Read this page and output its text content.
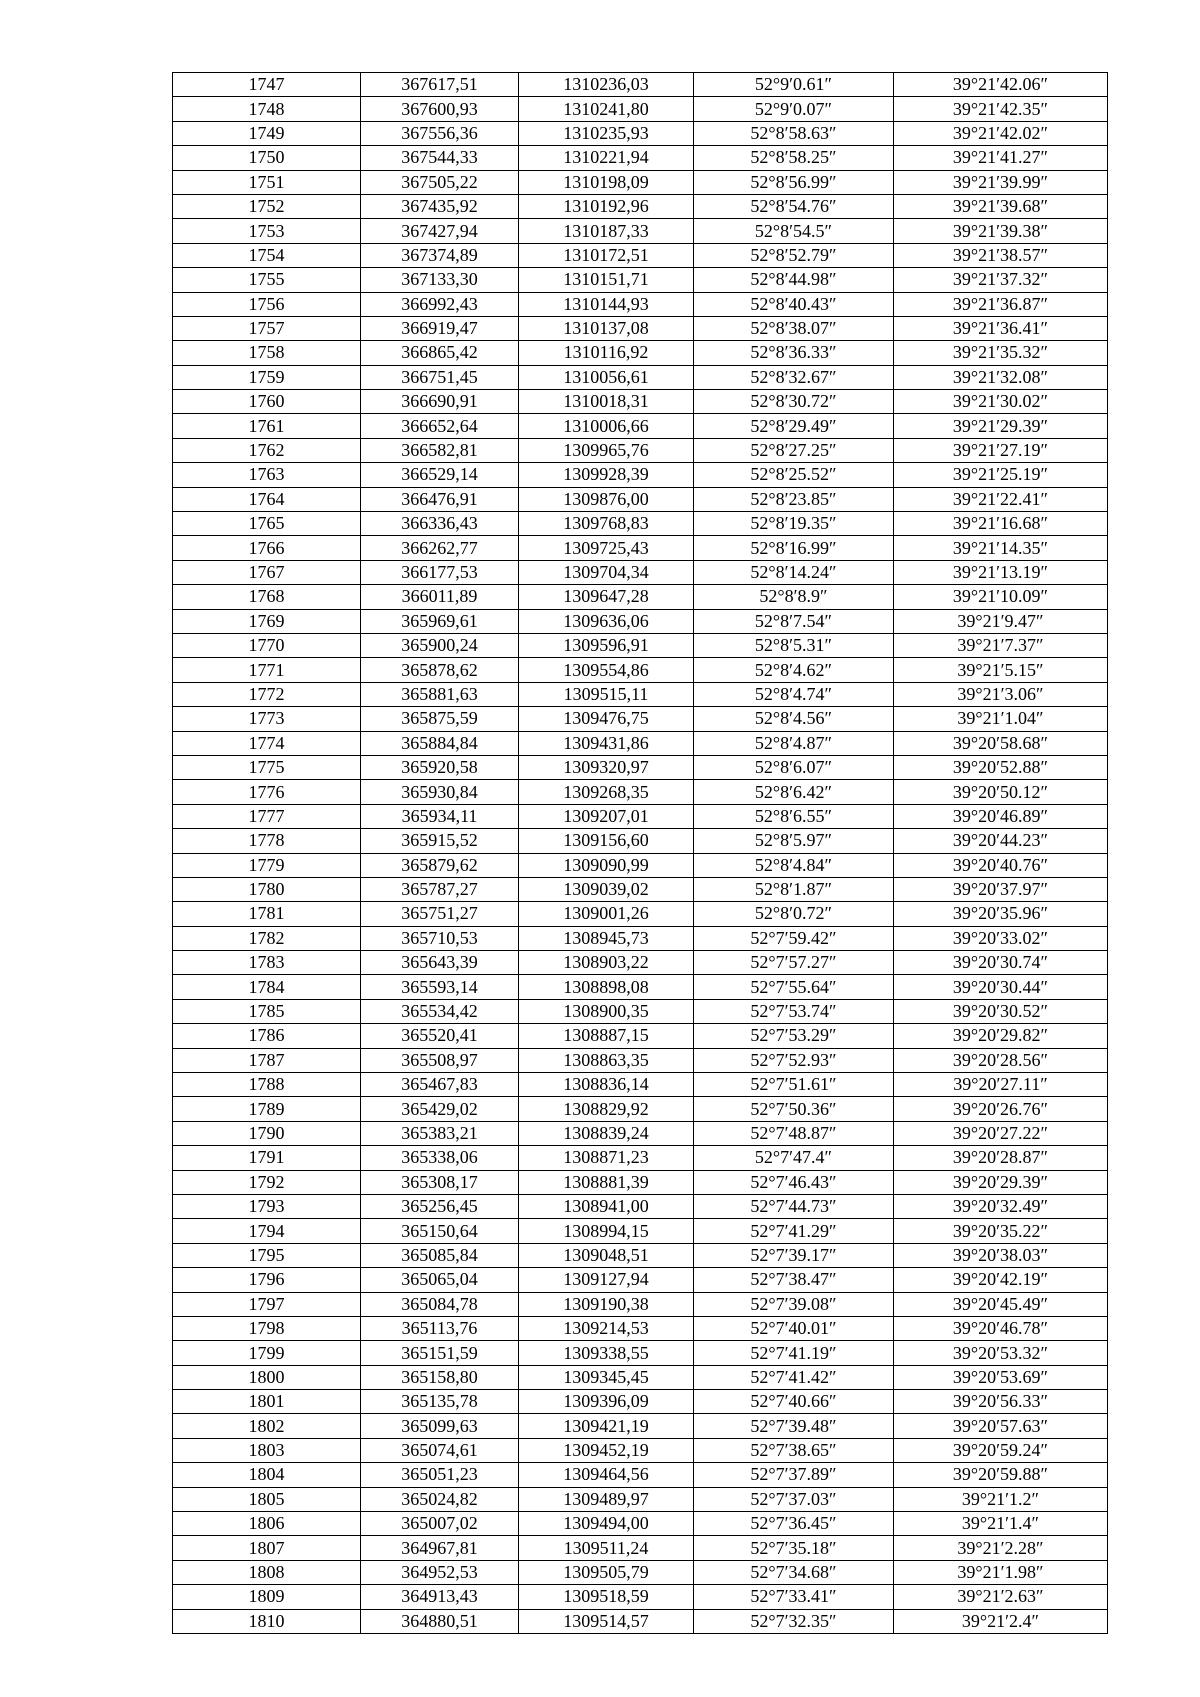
1747	367617,51	1310236,03	52°9′0.61″	39°21′42.06″
1748	367600,93	1310241,80	52°9′0.07″	39°21′42.35″
1749	367556,36	1310235,93	52°8′58.63″	39°21′42.02″
1750	367544,33	1310221,94	52°8′58.25″	39°21′41.27″
1751	367505,22	1310198,09	52°8′56.99″	39°21′39.99″
1752	367435,92	1310192,96	52°8′54.76″	39°21′39.68″
1753	367427,94	1310187,33	52°8′54.5″	39°21′39.38″
1754	367374,89	1310172,51	52°8′52.79″	39°21′38.57″
1755	367133,30	1310151,71	52°8′44.98″	39°21′37.32″
1756	366992,43	1310144,93	52°8′40.43″	39°21′36.87″
1757	366919,47	1310137,08	52°8′38.07″	39°21′36.41″
1758	366865,42	1310116,92	52°8′36.33″	39°21′35.32″
1759	366751,45	1310056,61	52°8′32.67″	39°21′32.08″
1760	366690,91	1310018,31	52°8′30.72″	39°21′30.02″
1761	366652,64	1310006,66	52°8′29.49″	39°21′29.39″
1762	366582,81	1309965,76	52°8′27.25″	39°21′27.19″
1763	366529,14	1309928,39	52°8′25.52″	39°21′25.19″
1764	366476,91	1309876,00	52°8′23.85″	39°21′22.41″
1765	366336,43	1309768,83	52°8′19.35″	39°21′16.68″
1766	366262,77	1309725,43	52°8′16.99″	39°21′14.35″
1767	366177,53	1309704,34	52°8′14.24″	39°21′13.19″
1768	366011,89	1309647,28	52°8′8.9″	39°21′10.09″
1769	365969,61	1309636,06	52°8′7.54″	39°21′9.47″
1770	365900,24	1309596,91	52°8′5.31″	39°21′7.37″
1771	365878,62	1309554,86	52°8′4.62″	39°21′5.15″
1772	365881,63	1309515,11	52°8′4.74″	39°21′3.06″
1773	365875,59	1309476,75	52°8′4.56″	39°21′1.04″
1774	365884,84	1309431,86	52°8′4.87″	39°20′58.68″
1775	365920,58	1309320,97	52°8′6.07″	39°20′52.88″
1776	365930,84	1309268,35	52°8′6.42″	39°20′50.12″
1777	365934,11	1309207,01	52°8′6.55″	39°20′46.89″
1778	365915,52	1309156,60	52°8′5.97″	39°20′44.23″
1779	365879,62	1309090,99	52°8′4.84″	39°20′40.76″
1780	365787,27	1309039,02	52°8′1.87″	39°20′37.97″
1781	365751,27	1309001,26	52°8′0.72″	39°20′35.96″
1782	365710,53	1308945,73	52°7′59.42″	39°20′33.02″
1783	365643,39	1308903,22	52°7′57.27″	39°20′30.74″
1784	365593,14	1308898,08	52°7′55.64″	39°20′30.44″
1785	365534,42	1308900,35	52°7′53.74″	39°20′30.52″
1786	365520,41	1308887,15	52°7′53.29″	39°20′29.82″
1787	365508,97	1308863,35	52°7′52.93″	39°20′28.56″
1788	365467,83	1308836,14	52°7′51.61″	39°20′27.11″
1789	365429,02	1308829,92	52°7′50.36″	39°20′26.76″
1790	365383,21	1308839,24	52°7′48.87″	39°20′27.22″
1791	365338,06	1308871,23	52°7′47.4″	39°20′28.87″
1792	365308,17	1308881,39	52°7′46.43″	39°20′29.39″
1793	365256,45	1308941,00	52°7′44.73″	39°20′32.49″
1794	365150,64	1308994,15	52°7′41.29″	39°20′35.22″
1795	365085,84	1309048,51	52°7′39.17″	39°20′38.03″
1796	365065,04	1309127,94	52°7′38.47″	39°20′42.19″
1797	365084,78	1309190,38	52°7′39.08″	39°20′45.49″
1798	365113,76	1309214,53	52°7′40.01″	39°20′46.78″
1799	365151,59	1309338,55	52°7′41.19″	39°20′53.32″
1800	365158,80	1309345,45	52°7′41.42″	39°20′53.69″
1801	365135,78	1309396,09	52°7′40.66″	39°20′56.33″
1802	365099,63	1309421,19	52°7′39.48″	39°20′57.63″
1803	365074,61	1309452,19	52°7′38.65″	39°20′59.24″
1804	365051,23	1309464,56	52°7′37.89″	39°20′59.88″
1805	365024,82	1309489,97	52°7′37.03″	39°21′1.2″
1806	365007,02	1309494,00	52°7′36.45″	39°21′1.4″
1807	364967,81	1309511,24	52°7′35.18″	39°21′2.28″
1808	364952,53	1309505,79	52°7′34.68″	39°21′1.98″
1809	364913,43	1309518,59	52°7′33.41″	39°21′2.63″
1810	364880,51	1309514,57	52°7′32.35″	39°21′2.4″
